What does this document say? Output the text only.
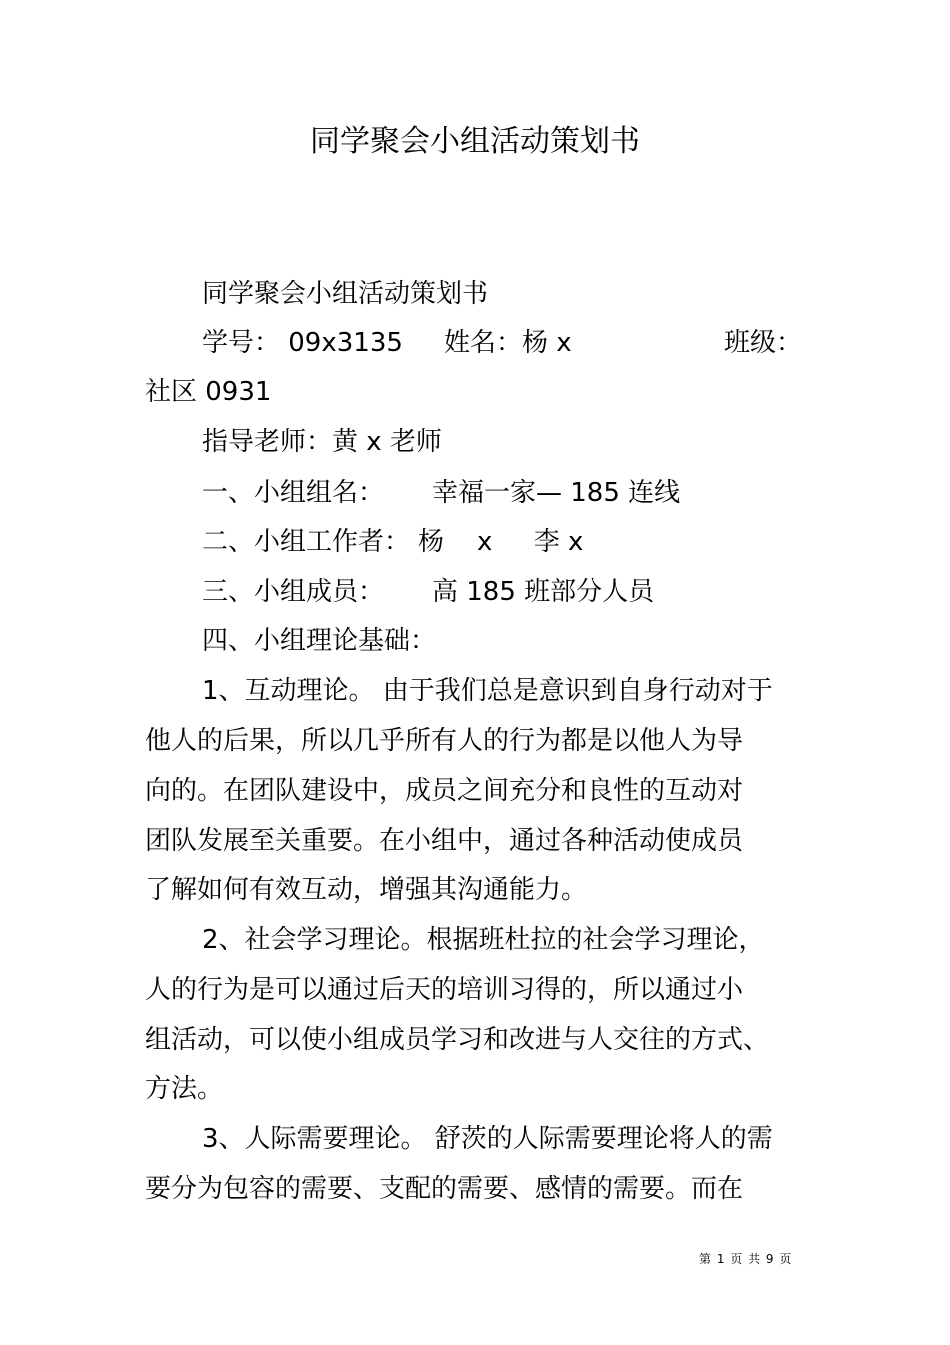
同学聚会小组活动策划书
同学聚会小组活动策划书
学号： 09x3135 姓名：杨 x	班级：
社区 0931
指导老师：黄 x 老师
一、小组组名： 幸福一家— 185 连线
二、小组工作者： 杨    x     李 x
三、小组成员： 高 185 班部分人员
四、小组理论基础：
1、互动理论。 由于我们总是意识到自身行动对于
他人的后果，所以几乎所有人的行为都是以他人为导
向的。在团队建设中，成员之间充分和良性的互动对
团队发展至关重要。在小组中，通过各种活动使成员
了解如何有效互动，增强其沟通能力。
2、社会学习理论。根据班杜拉的社会学习理论，
人的行为是可以通过后天的培训习得的，所以通过小
组活动，可以使小组成员学习和改进与人交往的方式、
方法。
3、人际需要理论。 舒茨的人际需要理论将人的需
要分为包容的需要、支配的需要、感情的需要。而在
第 1 页 共 9 页
